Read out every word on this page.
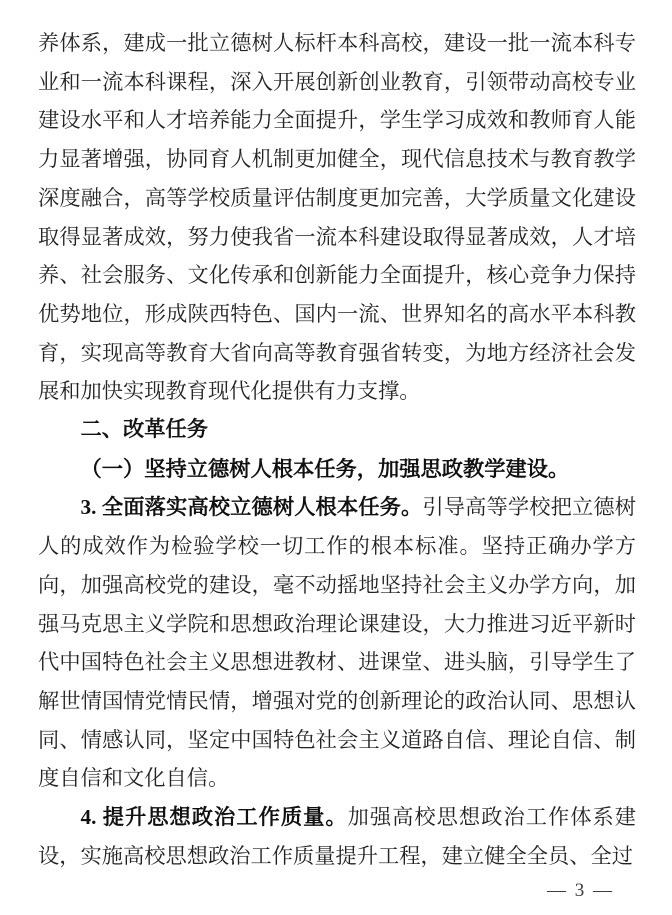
养体系，建成一批立德树人标杆本科高校，建设一批一流本科专业和一流本科课程，深入开展创新创业教育，引领带动高校专业建设水平和人才培养能力全面提升，学生学习成效和教师育人能力显著增强，协同育人机制更加健全，现代信息技术与教育教学深度融合，高等学校质量评估制度更加完善，大学质量文化建设取得显著成效，努力使我省一流本科建设取得显著成效，人才培养、社会服务、文化传承和创新能力全面提升，核心竞争力保持优势地位，形成陕西特色、国内一流、世界知名的高水平本科教育，实现高等教育大省向高等教育强省转变，为地方经济社会发展和加快实现教育现代化提供有力支撑。

二、改革任务

（一）坚持立德树人根本任务，加强思政教学建设。

3. 全面落实高校立德树人根本任务。引导高等学校把立德树人的成效作为检验学校一切工作的根本标准。坚持正确办学方向，加强高校党的建设，毫不动摇地坚持社会主义办学方向，加强马克思主义学院和思想政治理论课建设，大力推进习近平新时代中国特色社会主义思想进教材、进课堂、进头脑，引导学生了解世情国情党情民情，增强对党的创新理论的政治认同、思想认同、情感认同，坚定中国特色社会主义道路自信、理论自信、制度自信和文化自信。

4. 提升思想政治工作质量。加强高校思想政治工作体系建设，实施高校思想政治工作质量提升工程，建立健全全员、全过

— 3 —
